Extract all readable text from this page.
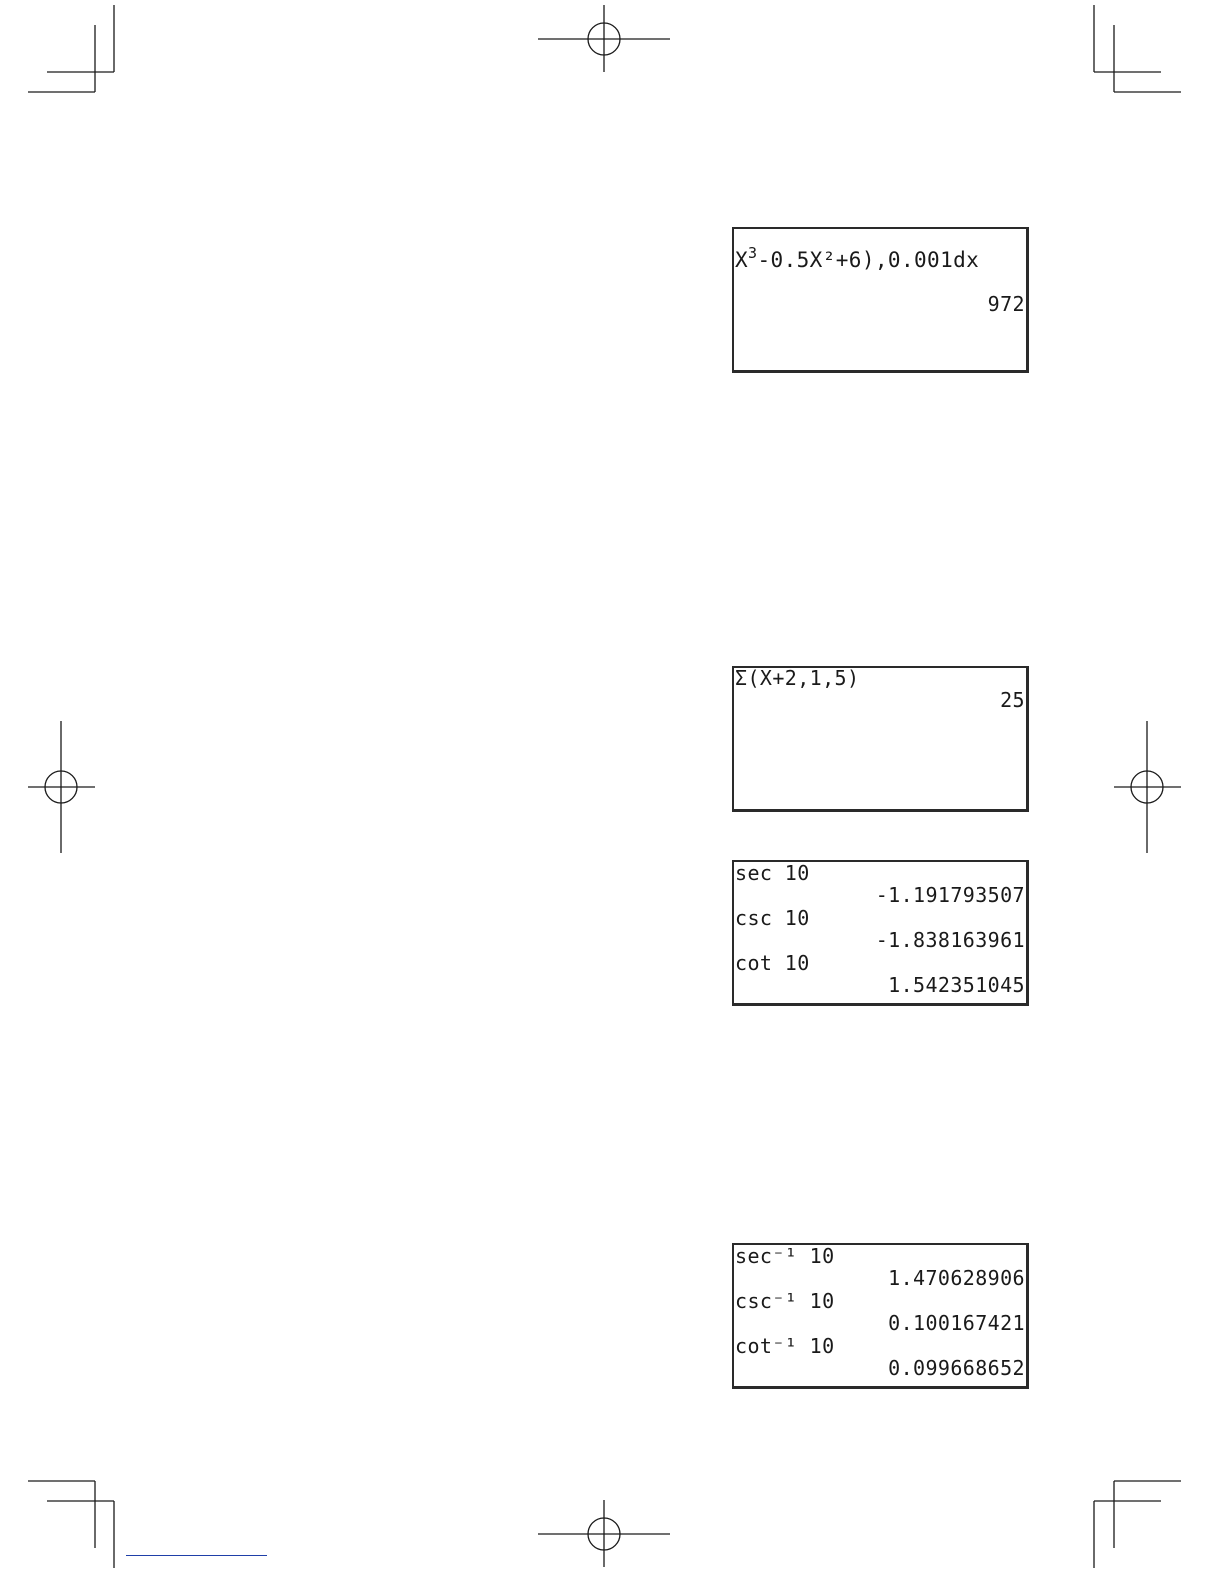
$X^3-0.5X^2+6),0.001dx$
972
Σ(X+2,1,5)
25
sec 10
-1.191793507
csc 10
-1.838163961
cot 10
1.542351045
sec⁻¹ 10
1.470628906
csc⁻¹ 10
0.100167421
cot⁻¹ 10
0.099668652
